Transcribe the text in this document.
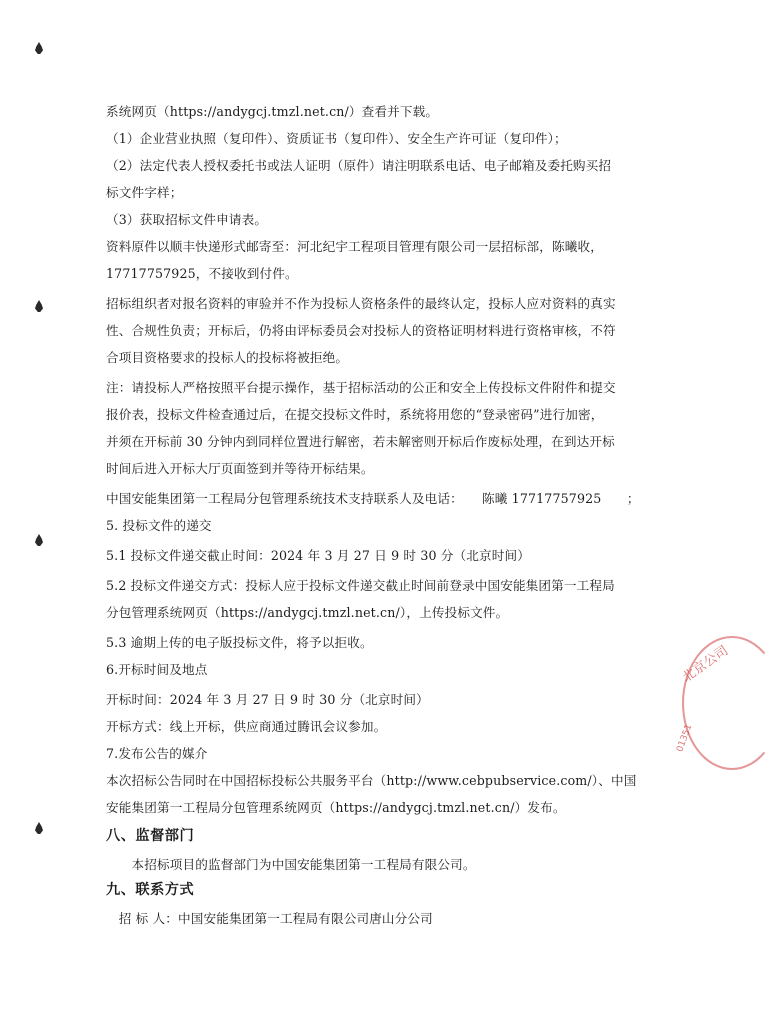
系统网页（https://andygcj.tmzl.net.cn/）查看并下载。
（1）企业营业执照（复印件）、资质证书（复印件）、安全生产许可证（复印件）；
（2）法定代表人授权委托书或法人证明（原件）请注明联系电话、电子邮箱及委托购买招
标文件字样；
（3）获取招标文件申请表。
资料原件以顺丰快递形式邮寄至：河北纪宇工程项目管理有限公司一层招标部，陈曦收，
17717757925，不接收到付件。
招标组织者对报名资料的审验并不作为投标人资格条件的最终认定，投标人应对资料的真实
性、合规性负责；开标后，仍将由评标委员会对投标人的资格证明材料进行资格审核，不符
合项目资格要求的投标人的投标将被拒绝。
注：请投标人严格按照平台提示操作，基于招标活动的公正和安全上传投标文件附件和提交
报价表，投标文件检查通过后，在提交投标文件时，系统将用您的“登录密码”进行加密，
并须在开标前 30 分钟内到同样位置进行解密，若未解密则开标后作废标处理，在到达开标
时间后进入开标大厅页面签到并等待开标结果。
中国安能集团第一工程局分包管理系统技术支持联系人及电话：　　陈曦 17717757925　　；
5. 投标文件的递交
5.1 投标文件递交截止时间：2024 年 3 月 27 日 9 时 30 分（北京时间）
5.2 投标文件递交方式：投标人应于投标文件递交截止时间前登录中国安能集团第一工程局
分包管理系统网页（https://andygcj.tmzl.net.cn/），上传投标文件。
5.3 逾期上传的电子版投标文件，将予以拒收。
6.开标时间及地点
开标时间：2024 年 3 月 27 日 9 时 30 分（北京时间）
开标方式：线上开标，供应商通过腾讯会议参加。
7.发布公告的媒介
本次招标公告同时在中国招标投标公共服务平台（http://www.cebpubservice.com/）、中国
安能集团第一工程局分包管理系统网页（https://andygcj.tmzl.net.cn/）发布。
　　本招标项目的监督部门为中国安能集团第一工程局有限公司。
　招 标 人：中国安能集团第一工程局有限公司唐山分公司
八、监督部门
九、联系方式
北京公司
01351
